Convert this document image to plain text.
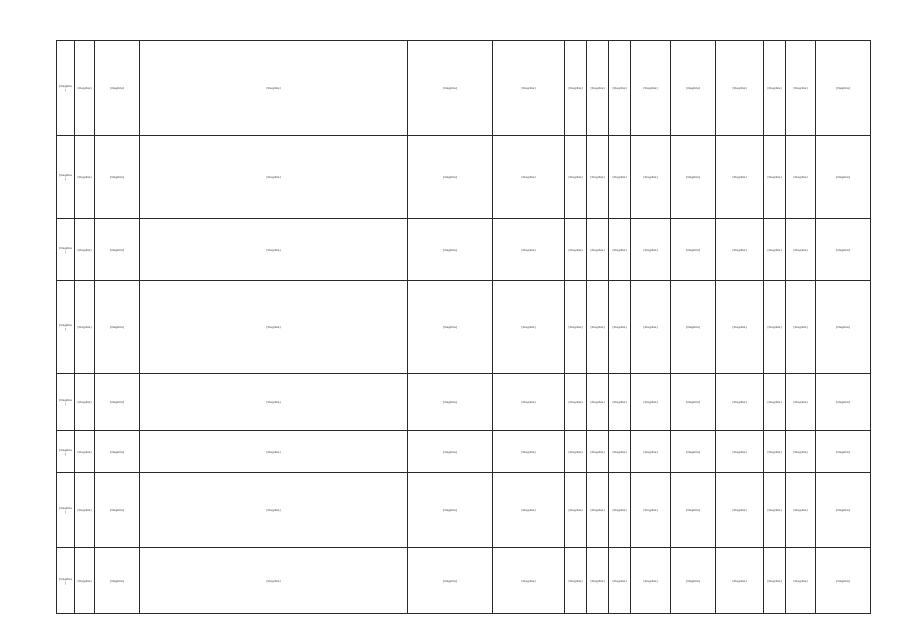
[illegible]	[illegible]	[illegible]	[illegible]	[illegible]	[illegible]	[illegible]	[illegible]	[illegible]	[illegible]	[illegible]	[illegible]	[illegible]	[illegible]	[illegible]
[illegible]	[illegible]	[illegible]	[illegible]	[illegible]	[illegible]	[illegible]	[illegible]	[illegible]	[illegible]	[illegible]	[illegible]	[illegible]	[illegible]	[illegible]
[illegible]	[illegible]	[illegible]	[illegible]	[illegible]	[illegible]	[illegible]	[illegible]	[illegible]	[illegible]	[illegible]	[illegible]	[illegible]	[illegible]	[illegible]
[illegible]	[illegible]	[illegible]	[illegible]	[illegible]	[illegible]	[illegible]	[illegible]	[illegible]	[illegible]	[illegible]	[illegible]	[illegible]	[illegible]	[illegible]
[illegible]	[illegible]	[illegible]	[illegible]	[illegible]	[illegible]	[illegible]	[illegible]	[illegible]	[illegible]	[illegible]	[illegible]	[illegible]	[illegible]	[illegible]
[illegible]	[illegible]	[illegible]	[illegible]	[illegible]	[illegible]	[illegible]	[illegible]	[illegible]	[illegible]	[illegible]	[illegible]	[illegible]	[illegible]	[illegible]
[illegible]	[illegible]	[illegible]	[illegible]	[illegible]	[illegible]	[illegible]	[illegible]	[illegible]	[illegible]	[illegible]	[illegible]	[illegible]	[illegible]	[illegible]
[illegible]	[illegible]	[illegible]	[illegible]	[illegible]	[illegible]	[illegible]	[illegible]	[illegible]	[illegible]	[illegible]	[illegible]	[illegible]	[illegible]	[illegible]
